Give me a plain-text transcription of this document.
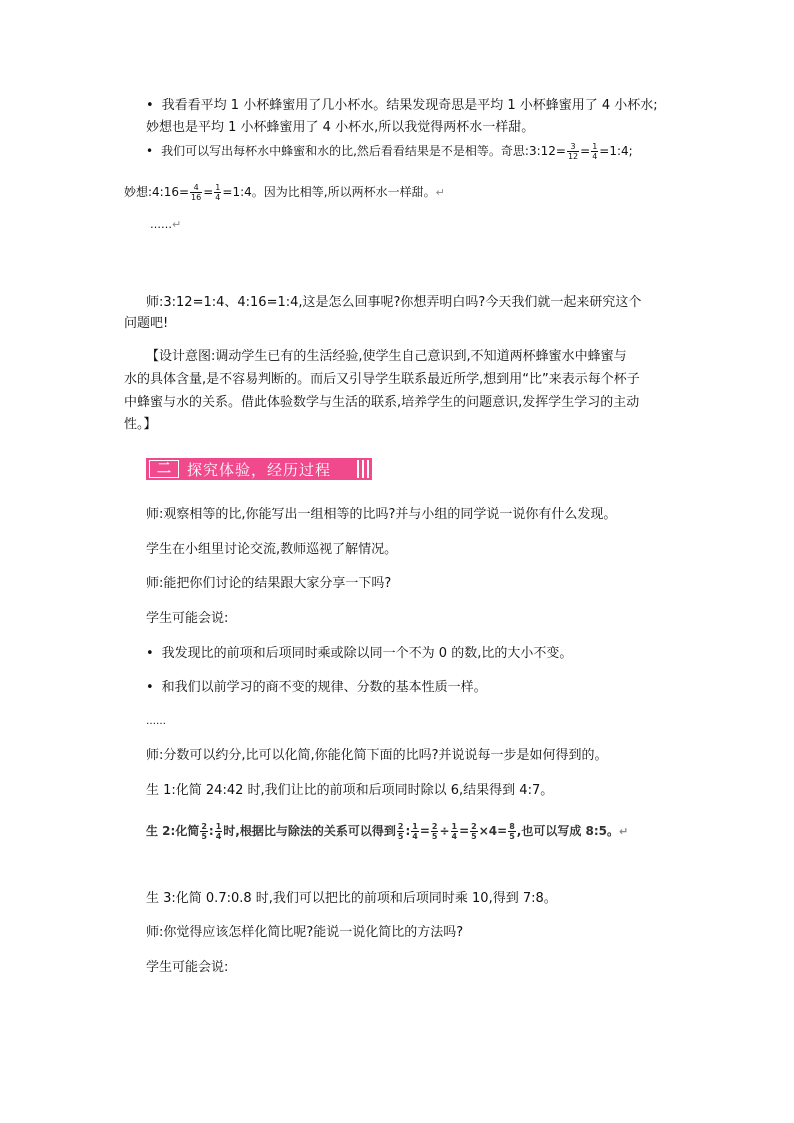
• 我看看平均 1 小杯蜂蜜用了几小杯水。结果发现奇思是平均 1 小杯蜂蜜用了 4 小杯水;
妙想也是平均 1 小杯蜂蜜用了 4 小杯水,所以我觉得两杯水一样甜。
• 我们可以写出每杯水中蜂蜜和水的比,然后看看结果是不是相等。奇思:3:12= $\frac{3}{12} = \frac{1}{4}$ =1:4;
妙想:4:16= $\frac{4}{16} = \frac{1}{4}$ =1:4。因为比相等,所以两杯水一样甜。↵
……↵
师:3:12=1:4、4:16=1:4,这是怎么回事呢?你想弄明白吗?今天我们就一起来研究这个
问题吧!
【设计意图:调动学生已有的生活经验,使学生自己意识到,不知道两杯蜂蜜水中蜂蜜与
水的具体含量,是不容易判断的。而后又引导学生联系最近所学,想到用“比”来表示每个杯子
中蜂蜜与水的关系。借此体验数学与生活的联系,培养学生的问题意识,发挥学生学习的主动
性。】
二	探究体验，经历过程
师:观察相等的比,你能写出一组相等的比吗?并与小组的同学说一说你有什么发现。
学生在小组里讨论交流,教师巡视了解情况。
师:能把你们讨论的结果跟大家分享一下吗?
学生可能会说:
• 我发现比的前项和后项同时乘或除以同一个不为 0 的数,比的大小不变。
• 和我们以前学习的商不变的规律、分数的基本性质一样。
……
师:分数可以约分,比可以化简,你能化简下面的比吗?并说说每一步是如何得到的。
生 1:化简 24:42 时,我们让比的前项和后项同时除以 6,结果得到 4:7。
生 2:化简 $\frac{2}{5}$ : $\frac{1}{4}$ 时,根据比与除法的关系可以得到 $\frac{2}{5}$ : $\frac{1}{4} = \frac{2}{5} \div \frac{1}{4} = \frac{2}{5} \times 4= \frac{8}{5}$ ,也可以写成 8:5。↵
生 3:化简 0.7:0.8 时,我们可以把比的前项和后项同时乘 10,得到 7:8。
师:你觉得应该怎样化简比呢?能说一说化简比的方法吗?
学生可能会说:
